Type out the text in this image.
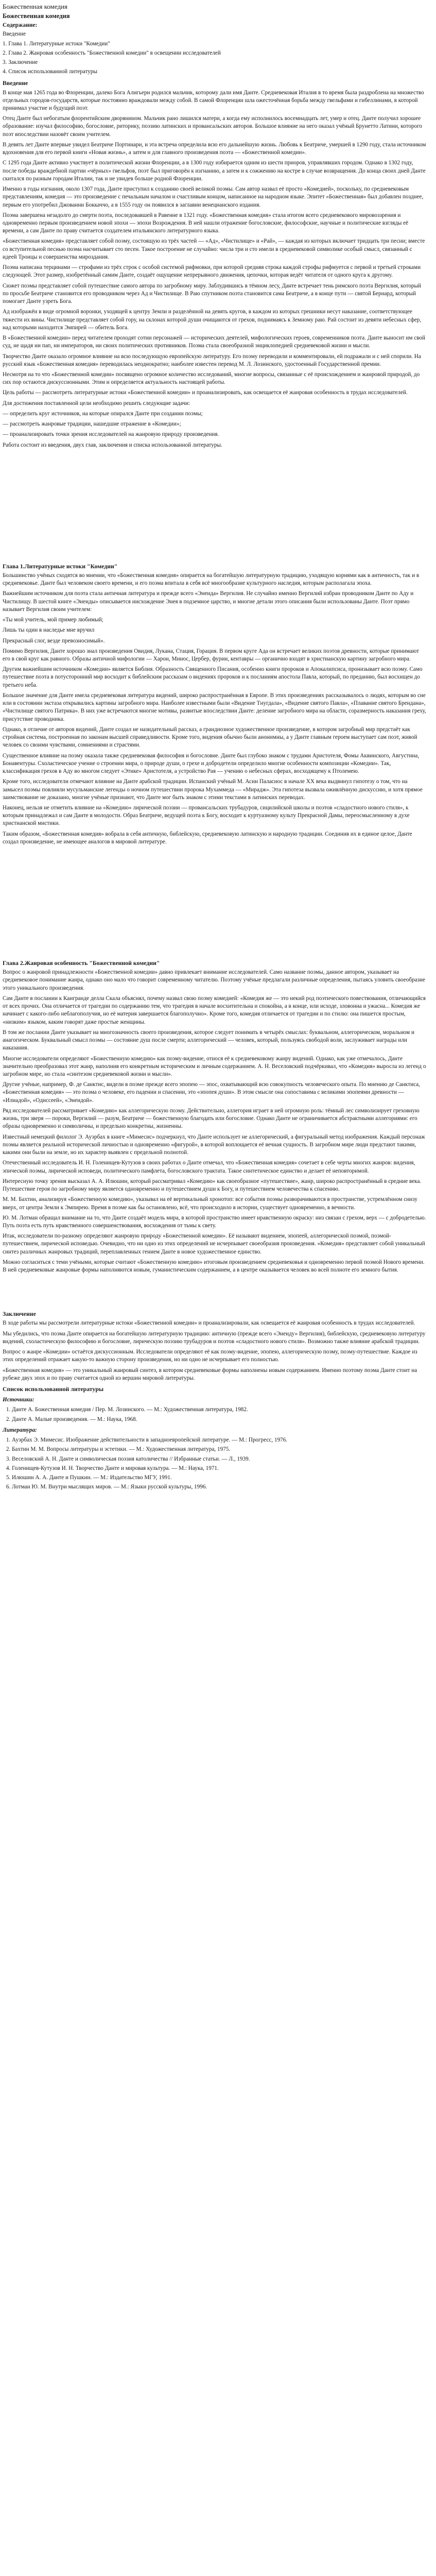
Божественная комедия
Божественная комедия
Содержание:
Введение
1. Глава 1. Литературные истоки "Комедии"
2. Глава 2. Жанровая особенность "Божественной комедии" в освещении исследователей
3. Заключение
4. Список использованной литературы
Введение

В конце мая 1265 года во Флоренции, далеко Бога Алигьери родился мальчик, которому дали имя Данте. Средневековая Италия в то время была раздроблена на множество отдельных городов-государств, которые постоянно враждовали между собой. В самой Флоренции шла ожесточённая борьба между гвельфами и гибеллинами, в которой принимал участие и будущий поэт.

Отец Данте был небогатым флорентийским дворянином. Мальчик рано лишился матери, а когда ему исполнилось восемнадцать лет, умер и отец. Данте получил хорошее образование: изучал философию, богословие, риторику, поэзию латинских и провансальских авторов. Большое влияние на него оказал учёный Брунетто Латини, которого поэт впоследствии назовёт своим учителем.

В девять лет Данте впервые увидел Беатриче Портинари, и эта встреча определила всю его дальнейшую жизнь. Любовь к Беатриче, умершей в 1290 году, стала источником вдохновения для его первой книги «Новая жизнь», а затем и для главного произведения поэта — «Божественной комедии».

С 1295 года Данте активно участвует в политической жизни Флоренции, а в 1300 году избирается одним из шести приоров, управлявших городом. Однако в 1302 году, после победы враждебной партии «чёрных» гвельфов, поэт был приговорён к изгнанию, а затем и к сожжению на костре в случае возвращения. До конца своих дней Данте скитался по разным городам Италии, так и не увидев больше родной Флоренции.

Именно в годы изгнания, около 1307 года, Данте приступил к созданию своей великой поэмы. Сам автор назвал её просто «Комедией», поскольку, по средневековым представлениям, комедия — это произведение с печальным началом и счастливым концом, написанное на народном языке. Эпитет «Божественная» был добавлен позднее, первым его употребил Джованни Боккаччо, а в 1555 году он появился в заглавии венецианского издания.

Поэма завершена незадолго до смерти поэта, последовавшей в Равенне в 1321 году. «Божественная комедия» стала итогом всего средневекового мировоззрения и одновременно первым произведением новой эпохи — эпохи Возрождения. В ней нашли отражение богословские, философские, научные и политические взгляды её времени, а сам Данте по праву считается создателем итальянского литературного языка.

«Божественная комедия» представляет собой поэму, состоящую из трёх частей — «Ад», «Чистилище» и «Рай», — каждая из которых включает тридцать три песни; вместе со вступительной песнью поэма насчитывает сто песен. Такое построение не случайно: числа три и сто имели в средневековой символике особый смысл, связанный с идеей Троицы и совершенства мироздания.

Поэма написана терцинами — строфами из трёх строк с особой системой рифмовки, при которой средняя строка каждой строфы рифмуется с первой и третьей строками следующей. Этот размер, изобретённый самим Данте, создаёт ощущение непрерывного движения, цепочки, которая ведёт читателя от одного круга к другому.

Сюжет поэмы представляет собой путешествие самого автора по загробному миру. Заблудившись в тёмном лесу, Данте встречает тень римского поэта Вергилия, который по просьбе Беатриче становится его проводником через Ад и Чистилище. В Раю спутником поэта становится сама Беатриче, а в конце пути — святой Бернард, который помогает Данте узреть Бога.

Ад изображён в виде огромной воронки, уходящей к центру Земли и разделённой на девять кругов, в каждом из которых грешники несут наказание, соответствующее тяжести их вины. Чистилище представляет собой гору, на склонах которой души очищаются от грехов, поднимаясь к Земному раю. Рай состоит из девяти небесных сфер, над которыми находится Эмпирей — обитель Бога.

В «Божественной комедии» перед читателем проходят сотни персонажей — исторических деятелей, мифологических героев, современников поэта. Данте выносит им свой суд, не щадя ни пап, ни императоров, ни своих политических противников. Поэма стала своеобразной энциклопедией средневековой жизни и мысли.

Творчество Данте оказало огромное влияние на всю последующую европейскую литературу. Его поэму переводили и комментировали, ей подражали и с ней спорили. На русский язык «Божественная комедия» переводилась неоднократно; наиболее известен перевод М. Л. Лозинского, удостоенный Государственной премии.

Несмотря на то что «Божественной комедии» посвящено огромное количество исследований, многие вопросы, связанные с её происхождением и жанровой природой, до сих пор остаются дискуссионными. Этим и определяется актуальность настоящей работы.

Цель работы — рассмотреть литературные истоки «Божественной комедии» и проанализировать, как освещается её жанровая особенность в трудах исследователей.

Для достижения поставленной цели необходимо решить следующие задачи:

— определить круг источников, на которые опирался Данте при создании поэмы;

— рассмотреть жанровые традиции, нашедшие отражение в «Комедии»;

— проанализировать точки зрения исследователей на жанровую природу произведения.

Работа состоит из введения, двух глав, заключения и списка использованной литературы.

Глава 1.Литературные истоки "Комедии"

Большинство учёных сходятся во мнении, что «Божественная комедия» опирается на богатейшую литературную традицию, уходящую корнями как в античность, так и в средневековье. Данте был человеком своего времени, и его поэма впитала в себя всё многообразие культурного наследия, которым располагала эпоха.

Важнейшим источником для поэта стала античная литература и прежде всего «Энеида» Вергилия. Не случайно именно Вергилий избран проводником Данте по Аду и Чистилищу. В шестой книге «Энеиды» описывается нисхождение Энея в подземное царство, и многие детали этого описания были использованы Данте. Поэт прямо называет Вергилия своим учителем:

«Ты мой учитель, мой пример любимый;

Лишь ты один в наследье мне вручил

Прекрасный слог, везде превозносимый».

Помимо Вергилия, Данте хорошо знал произведения Овидия, Лукана, Стация, Горация. В первом круге Ада он встречает великих поэтов древности, которые принимают его в свой круг как равного. Образы античной мифологии — Харон, Минос, Цербер, фурии, кентавры — органично входят в христианскую картину загробного мира.

Другим важнейшим источником «Комедии» является Библия. Образность Священного Писания, особенно книги пророков и Апокалипсиса, пронизывает всю поэму. Само путешествие поэта в потусторонний мир восходит к библейским рассказам о видениях пророков и к посланиям апостола Павла, который, по преданию, был восхищен до третьего неба.

Большое значение для Данте имела средневековая литература видений, широко распространённая в Европе. В этих произведениях рассказывалось о людях, которым во сне или в состоянии экстаза открывались картины загробного мира. Наиболее известными были «Видение Тнугдала», «Видение святого Павла», «Плавание святого Брендана», «Чистилище святого Патрика». В них уже встречаются многие мотивы, развитые впоследствии Данте: деление загробного мира на области, соразмерность наказания греху, присутствие проводника.

Однако, в отличие от авторов видений, Данте создал не назидательный рассказ, а грандиозное художественное произведение, в котором загробный мир предстаёт как стройная система, построенная по законам высшей справедливости. Кроме того, видения обычно были анонимны, а у Данте главным героем выступает сам поэт, живой человек со своими чувствами, сомнениями и страстями.

Существенное влияние на поэму оказала также средневековая философия и богословие. Данте был глубоко знаком с трудами Аристотеля, Фомы Аквинского, Августина, Бонавентуры. Схоластическое учение о строении мира, о природе души, о грехе и добродетели определило многие особенности композиции «Комедии». Так, классификация грехов в Аду во многом следует «Этике» Аристотеля, а устройство Рая — учению о небесных сферах, восходящему к Птолемею.

Кроме того, исследователи отмечают влияние на Данте арабской традиции. Испанский учёный М. Асин Паласиос в начале XX века выдвинул гипотезу о том, что на замысел поэмы повлияли мусульманские легенды о ночном путешествии пророка Мухаммеда — «Мирадж». Эта гипотеза вызвала оживлённую дискуссию, и хотя прямое заимствование не доказано, многие учёные признают, что Данте мог быть знаком с этими текстами в латинских переводах.

Наконец, нельзя не отметить влияние на «Комедию» лирической поэзии — провансальских трубадуров, сицилийской школы и поэтов «сладостного нового стиля», к которым принадлежал и сам Данте в молодости. Образ Беатриче, ведущей поэта к Богу, восходит к куртуазному культу Прекрасной Дамы, переосмысленному в духе христианской мистики.

Таким образом, «Божественная комедия» вобрала в себя античную, библейскую, средневековую латинскую и народную традиции. Соединив их в единое целое, Данте создал произведение, не имеющее аналогов в мировой литературе.

Глава 2.Жанровая особенность "Божественной комедии"

Вопрос о жанровой принадлежности «Божественной комедии» давно привлекает внимание исследователей. Само название поэмы, данное автором, указывает на средневековое понимание жанра, однако оно мало что говорит современному читателю. Поэтому учёные предлагали различные определения, пытаясь уловить своеобразие этого уникального произведения.

Сам Данте в послании к Кангранде делла Скала объяснял, почему назвал свою поэму комедией: «Комедия же — это некий род поэтического повествования, отличающийся от всех прочих. Она отличается от трагедии по содержанию тем, что трагедия в начале восхитительна и спокойна, а в конце, или исходе, зловонна и ужасна... Комедия же начинает с какого-либо неблагополучия, но её материя завершается благополучно». Кроме того, комедия отличается от трагедии и по стилю: она пишется простым, «низким» языком, каким говорят даже простые женщины.

В том же послании Данте указывает на многозначность своего произведения, которое следует понимать в четырёх смыслах: буквальном, аллегорическом, моральном и анагогическом. Буквальный смысл поэмы — состояние душ после смерти; аллегорический — человек, который, пользуясь свободой воли, заслуживает награды или наказания.

Многие исследователи определяют «Божественную комедию» как поэму-видение, относя её к средневековому жанру видений. Однако, как уже отмечалось, Данте значительно преобразовал этот жанр, наполнив его конкретным историческим и личным содержанием. А. Н. Веселовский подчёркивал, что «Комедия» выросла из легенд о загробном мире, но стала «синтезом средневековой жизни и мысли».

Другие учёные, например, Ф. де Санктис, видели в поэме прежде всего эпопею — эпос, охватывающий всю совокупность человеческого опыта. По мнению де Санктиса, «Божественная комедия» — это поэма о человеке, его падении и спасении, это «эпопея души». В этом смысле она сопоставима с великими эпопеями древности — «Илиадой», «Одиссеей», «Энеидой».

Ряд исследователей рассматривает «Комедию» как аллегорическую поэму. Действительно, аллегория играет в ней огромную роль: тёмный лес символизирует греховную жизнь, три зверя — пороки, Вергилий — разум, Беатриче — божественную благодать или богословие. Однако Данте не ограничивается абстрактными аллегориями: его образы одновременно и символичны, и предельно конкретны, жизненны.

Известный немецкий филолог Э. Ауэрбах в книге «Мимесис» подчеркнул, что Данте использует не аллегорический, а фигуральный метод изображения. Каждый персонаж поэмы является реальной исторической личностью и одновременно «фигурой», в которой воплощается её вечная сущность. В загробном мире люди предстают такими, какими они были на земле, но их характер выявлен с предельной полнотой.

Отечественный исследователь И. Н. Голенищев-Кутузов в своих работах о Данте отмечал, что «Божественная комедия» сочетает в себе черты многих жанров: видения, эпической поэмы, лирической исповеди, политического памфлета, богословского трактата. Такое синтетическое единство и делает её неповторимой.

Интересную точку зрения высказал А. А. Илюшин, который рассматривал «Комедию» как своеобразное «путешествие», жанр, широко распространённый в средние века. Путешествие героя по загробному миру является одновременно и путешествием души к Богу, и путешествием человечества к спасению.

М. М. Бахтин, анализируя «Божественную комедию», указывал на её вертикальный хронотоп: все события поэмы разворачиваются в пространстве, устремлённом снизу вверх, от центра Земли к Эмпирею. Время в поэме как бы остановлено, всё, что происходило в истории, существует одновременно, в вечности.

Ю. М. Лотман обращал внимание на то, что Данте создаёт модель мира, в которой пространство имеет нравственную окраску: низ связан с грехом, верх — с добродетелью. Путь поэта есть путь нравственного совершенствования, восхождения от тьмы к свету.

Итак, исследователи по-разному определяют жанровую природу «Божественной комедии». Её называют видением, эпопеей, аллегорической поэмой, поэмой-путешествием, лирической исповедью. Очевидно, что ни одно из этих определений не исчерпывает своеобразия произведения. «Комедия» представляет собой уникальный синтез различных жанровых традиций, переплавленных гением Данте в новое художественное единство.

Можно согласиться с теми учёными, которые считают «Божественную комедию» итоговым произведением средневековья и одновременно первой поэмой Нового времени. В ней средневековые жанровые формы наполняются новым, гуманистическим содержанием, а в центре оказывается человек во всей полноте его земного бытия.

Заключение

В ходе работы мы рассмотрели литературные истоки «Божественной комедии» и проанализировали, как освещается её жанровая особенность в трудах исследователей.

Мы убедились, что поэма Данте опирается на богатейшую литературную традицию: античную (прежде всего «Энеиду» Вергилия), библейскую, средневековую литературу видений, схоластическую философию и богословие, лирическую поэзию трубадуров и поэтов «сладостного нового стиля». Возможно также влияние арабской традиции.

Вопрос о жанре «Комедии» остаётся дискуссионным. Исследователи определяют её как поэму-видение, эпопею, аллегорическую поэму, поэму-путешествие. Каждое из этих определений отражает какую-то важную сторону произведения, но ни одно не исчерпывает его полностью.

«Божественная комедия» — это уникальный жанровый синтез, в котором средневековые формы наполнены новым содержанием. Именно поэтому поэма Данте стоит на рубеже двух эпох и по праву считается одной из вершин мировой литературы.

Список использованной литературы
Источники:
1. Данте А. Божественная комедия / Пер. М. Лозинского. — М.: Художественная литература, 1982.
2. Данте А. Малые произведения. — М.: Наука, 1968.
Литература:
1. Ауэрбах Э. Мимесис. Изображение действительности в западноевропейской литературе. — М.: Прогресс, 1976.
2. Бахтин М. М. Вопросы литературы и эстетики. — М.: Художественная литература, 1975.
3. Веселовский А. Н. Данте и символическая поэзия католичества // Избранные статьи. — Л., 1939.
4. Голенищев-Кутузов И. Н. Творчество Данте и мировая культура. — М.: Наука, 1971.
5. Илюшин А. А. Данте и Пушкин. — М.: Издательство МГУ, 1991.
6. Лотман Ю. М. Внутри мыслящих миров. — М.: Языки русской культуры, 1996.
